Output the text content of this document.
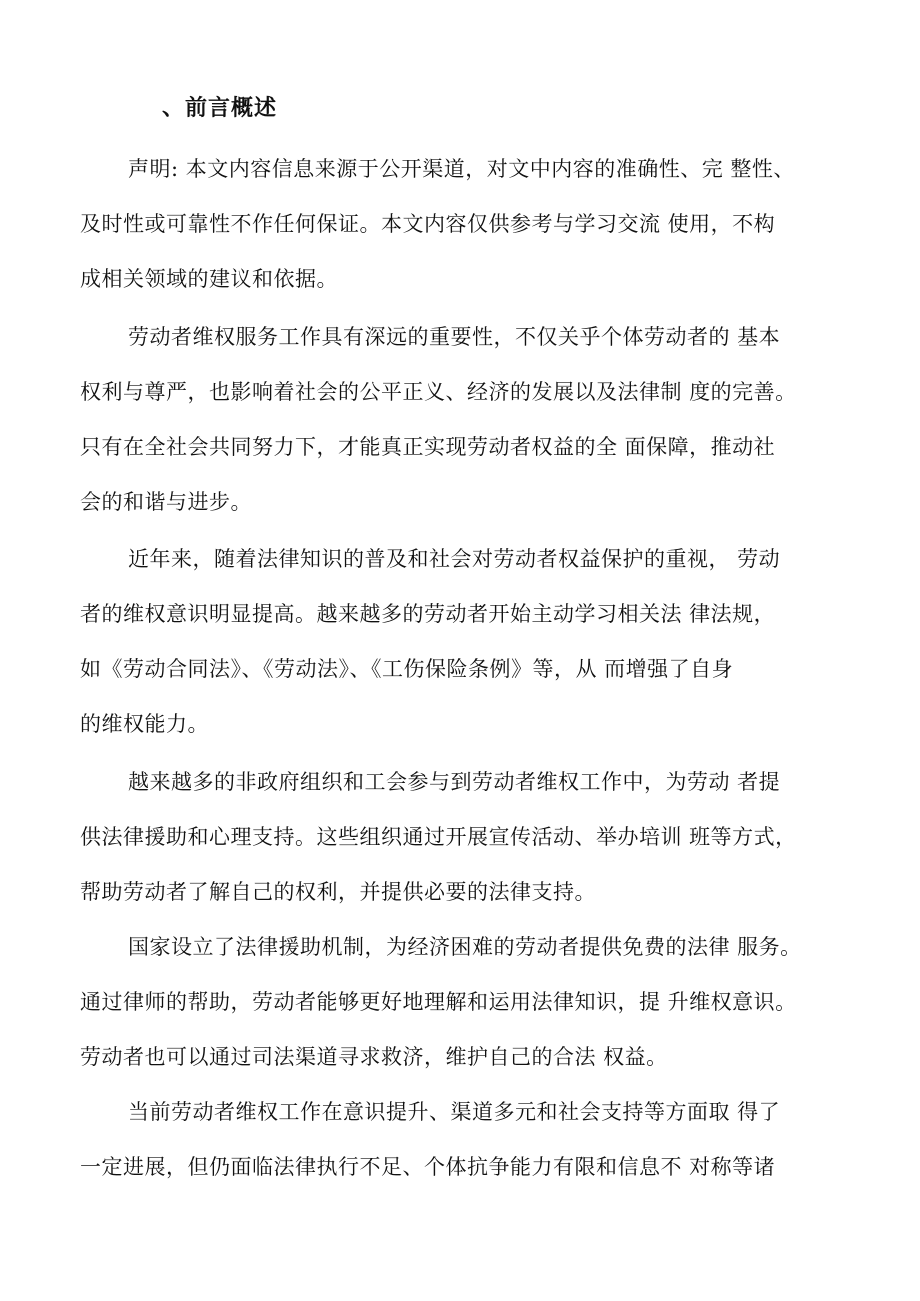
、前言概述
声明: 本文内容信息来源于公开渠道，对文中内容的准确性、完 整性、
及时性或可靠性不作任何保证。本文内容仅供参考与学习交流 使用，不构
成相关领域的建议和依据。
劳动者维权服务工作具有深远的重要性，不仅关乎个体劳动者的 基本
权利与尊严，也影响着社会的公平正义、经济的发展以及法律制 度的完善。
只有在全社会共同努力下，才能真正实现劳动者权益的全 面保障，推动社
会的和谐与进步。
近年来，随着法律知识的普及和社会对劳动者权益保护的重视， 劳动
者的维权意识明显提高。越来越多的劳动者开始主动学习相关法 律法规，
如《劳动合同法》、《劳动法》、《工伤保险条例》等，从 而增强了自身
的维权能力。
越来越多的非政府组织和工会参与到劳动者维权工作中，为劳动 者提
供法律援助和心理支持。这些组织通过开展宣传活动、举办培训 班等方式，
帮助劳动者了解自己的权利，并提供必要的法律支持。
国家设立了法律援助机制，为经济困难的劳动者提供免费的法律 服务。
通过律师的帮助，劳动者能够更好地理解和运用法律知识，提 升维权意识。
劳动者也可以通过司法渠道寻求救济，维护自己的合法 权益。
当前劳动者维权工作在意识提升、渠道多元和社会支持等方面取 得了
一定进展，但仍面临法律执行不足、个体抗争能力有限和信息不 对称等诸
